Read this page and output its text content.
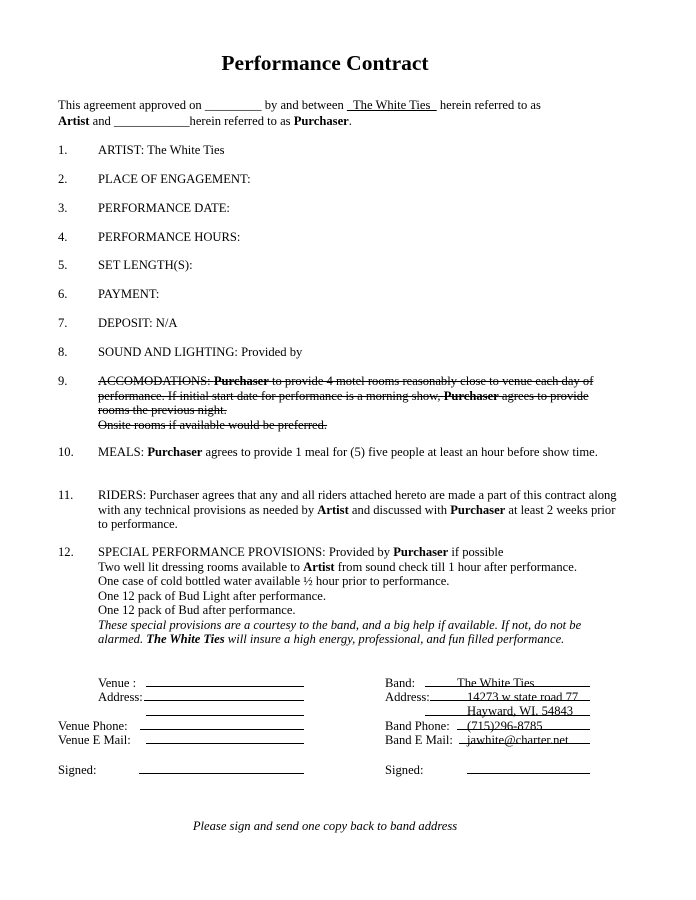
Performance Contract
This agreement approved on _________ by and between   The White Ties   herein referred to as
Artist and ____________herein referred to as Purchaser.
1. ARTIST: The White Ties
2. PLACE OF ENGAGEMENT:
3. PERFORMANCE DATE:
4. PERFORMANCE HOURS:
5. SET LENGTH(S):
6. PAYMENT:
7. DEPOSIT: N/A
8. SOUND AND LIGHTING: Provided by
9. ACCOMODATIONS: Purchaser to provide 4 motel rooms reasonably close to venue each day of performance. If initial start date for performance is a morning show, Purchaser agrees to provide rooms the previous night.
Onsite rooms if available would be preferred.
10. MEALS: Purchaser agrees to provide 1 meal for (5) five people at least an hour before show time.
11. RIDERS: Purchaser agrees that any and all riders attached hereto are made a part of this contract along with any technical provisions as needed by Artist and discussed with Purchaser at least 2 weeks prior to performance.
12. SPECIAL PERFORMANCE PROVISIONS: Provided by Purchaser if possible
Two well lit dressing rooms available to Artist from sound check till 1 hour after performance.
One case of cold bottled water available ½ hour prior to performance.
One 12 pack of Bud Light after performance.
One 12 pack of Bud after performance.
These special provisions are a courtesy to the band, and a big help if available. If not, do not be alarmed. The White Ties will insure a high energy, professional, and fun filled performance.
Venue :
Address:
Venue Phone:
Venue E Mail:
Signed:
Band:	The White Ties
Address:	14273 w state road 77
Hayward, WI. 54843
Band Phone: (715)296-8785
Band E Mail: jawhite@charter.net
Signed:
Please sign and send one copy back to band address
